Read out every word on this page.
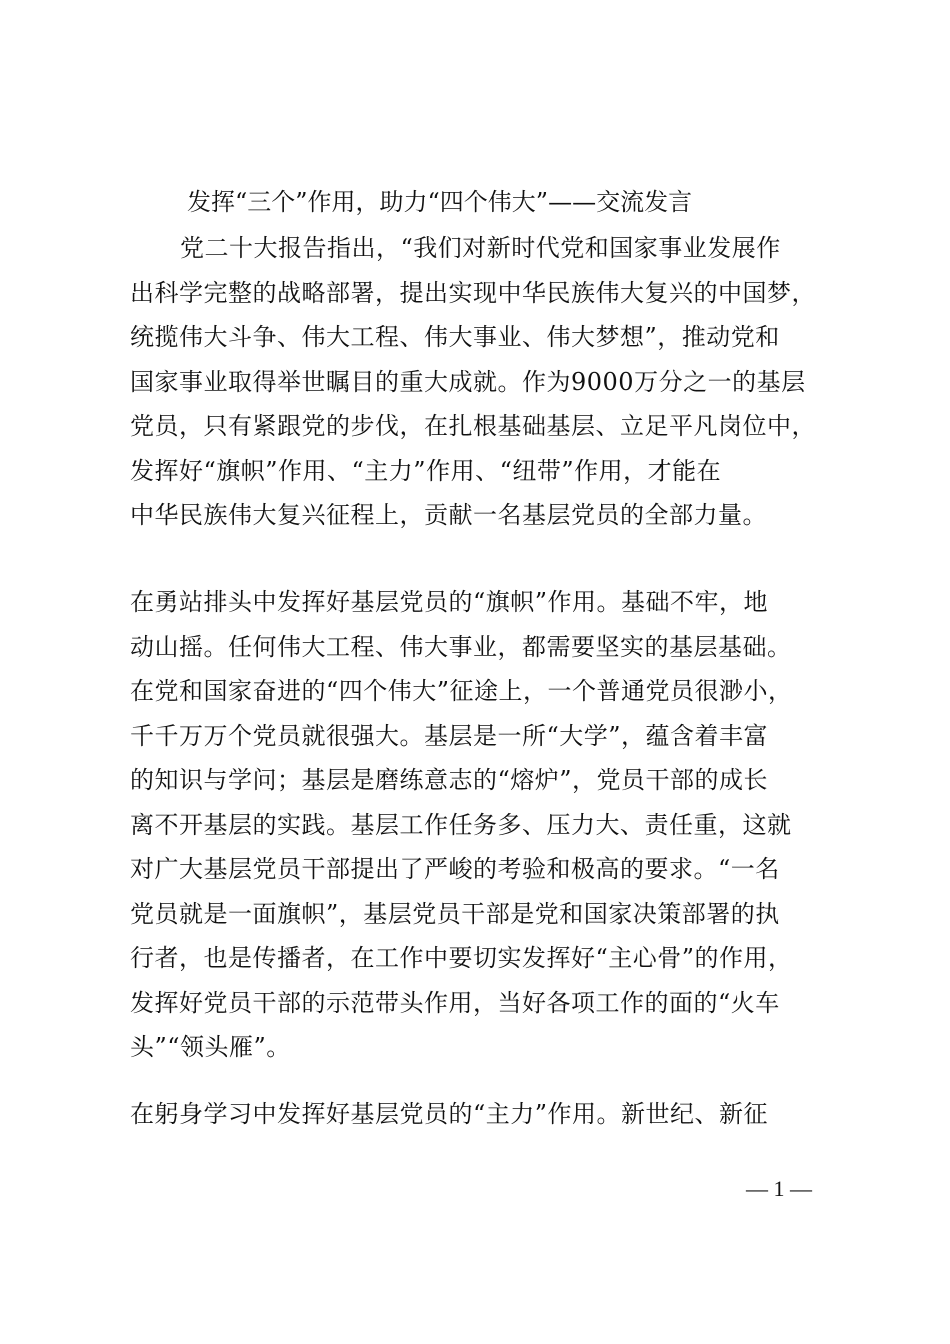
发挥“三个”作用，助力“四个伟大”——交流发言
党二十大报告指出，“我们对新时代党和国家事业发展作
出科学完整的战略部署，提出实现中华民族伟大复兴的中国梦，
统揽伟大斗争、伟大工程、伟大事业、伟大梦想”，推动党和
国家事业取得举世瞩目的重大成就。作为9000万分之一的基层
党员，只有紧跟党的步伐，在扎根基础基层、立足平凡岗位中，
发挥好“旗帜”作用、“主力”作用、“纽带”作用，才能在
中华民族伟大复兴征程上，贡献一名基层党员的全部力量。
在勇站排头中发挥好基层党员的“旗帜”作用。基础不牢，地
动山摇。任何伟大工程、伟大事业，都需要坚实的基层基础。
在党和国家奋进的“四个伟大”征途上，一个普通党员很渺小，
千千万万个党员就很强大。基层是一所“大学”，蕴含着丰富
的知识与学问；基层是磨练意志的“熔炉”，党员干部的成长
离不开基层的实践。基层工作任务多、压力大、责任重，这就
对广大基层党员干部提出了严峻的考验和极高的要求。“一名
党员就是一面旗帜”，基层党员干部是党和国家决策部署的执
行者，也是传播者，在工作中要切实发挥好“主心骨”的作用，
发挥好党员干部的示范带头作用，当好各项工作的面的“火车
头”“领头雁”。
在躬身学习中发挥好基层党员的“主力”作用。新世纪、新征
— 1 —
